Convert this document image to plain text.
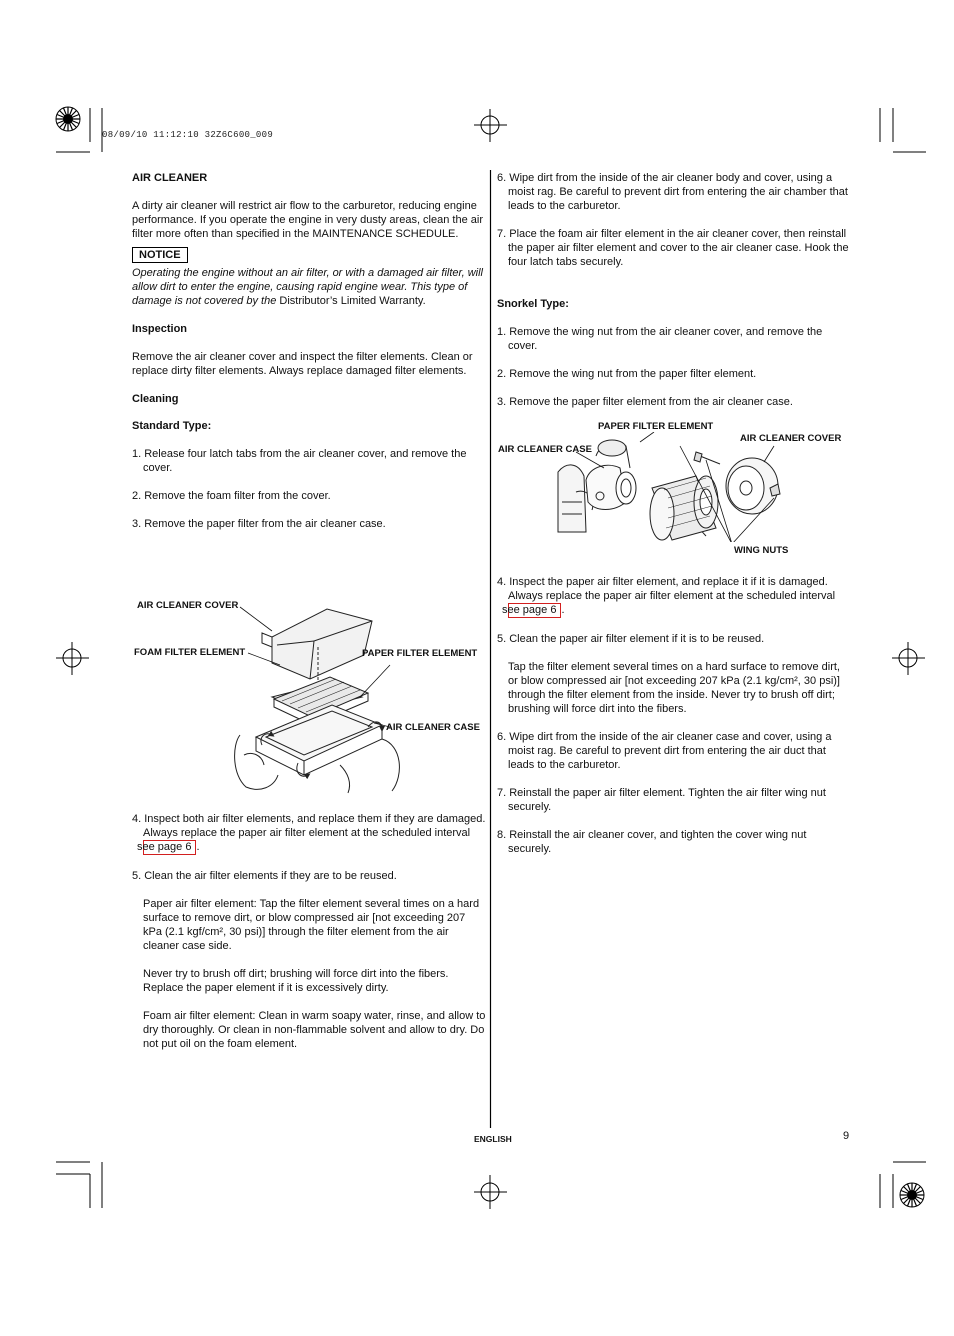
08/09/10 11:12:10 32Z6C600_009

AIR CLEANER

A dirty air cleaner will restrict air flow to the carburetor, reducing engine performance. If you operate the engine in very dusty areas, clean the air filter more often than specified in the MAINTENANCE SCHEDULE.

NOTICE

Operating the engine without an air filter, or with a damaged air filter, will allow dirt to enter the engine, causing rapid engine wear. This type of damage is not covered by the Distributor’s Limited Warranty.

Inspection

Remove the air cleaner cover and inspect the filter elements. Clean or replace dirty filter elements. Always replace damaged filter elements.

Cleaning

Standard Type:

1. Release four latch tabs from the air cleaner cover, and remove the cover.

2. Remove the foam filter from the cover.

3. Remove the paper filter from the air cleaner case.

AIR CLEANER COVER
FOAM FILTER ELEMENT	PAPER FILTER ELEMENT
AIR CLEANER CASE

4. Inspect both air filter elements, and replace them if they are damaged. Always replace the paper air filter element at the scheduled interval see page 6 .

5. Clean the air filter elements if they are to be reused.

Paper air filter element: Tap the filter element several times on a hard surface to remove dirt, or blow compressed air [not exceeding 207 kPa (2.1 kgf/cm², 30 psi)] through the filter element from the air cleaner case side.

Never try to brush off dirt; brushing will force dirt into the fibers. Replace the paper element if it is excessively dirty.

Foam air filter element: Clean in warm soapy water, rinse, and allow to dry thoroughly. Or clean in non-flammable solvent and allow to dry. Do not put oil on the foam element.

6. Wipe dirt from the inside of the air cleaner body and cover, using a moist rag. Be careful to prevent dirt from entering the air chamber that leads to the carburetor.

7. Place the foam air filter element in the air cleaner cover, then reinstall the paper air filter element and cover to the air cleaner case. Hook the four latch tabs securely.

Snorkel Type:

1. Remove the wing nut from the air cleaner cover, and remove the cover.

2. Remove the wing nut from the paper filter element.

3. Remove the paper filter element from the air cleaner case.

PAPER FILTER ELEMENT
AIR CLEANER CASE
AIR CLEANER COVER
WING NUTS

4. Inspect the paper air filter element, and replace it if it is damaged. Always replace the paper air filter element at the scheduled interval see page 6 .

5. Clean the paper air filter element if it is to be reused.

Tap the filter element several times on a hard surface to remove dirt, or blow compressed air [not exceeding 207 kPa (2.1 kg/cm², 30 psi)] through the filter element from the inside. Never try to brush off dirt; brushing will force dirt into the fibers.

6. Wipe dirt from the inside of the air cleaner case and cover, using a moist rag. Be careful to prevent dirt from entering the air duct that leads to the carburetor.

7. Reinstall the paper air filter element. Tighten the air filter wing nut securely.

8. Reinstall the air cleaner cover, and tighten the cover wing nut securely.

ENGLISH	9
